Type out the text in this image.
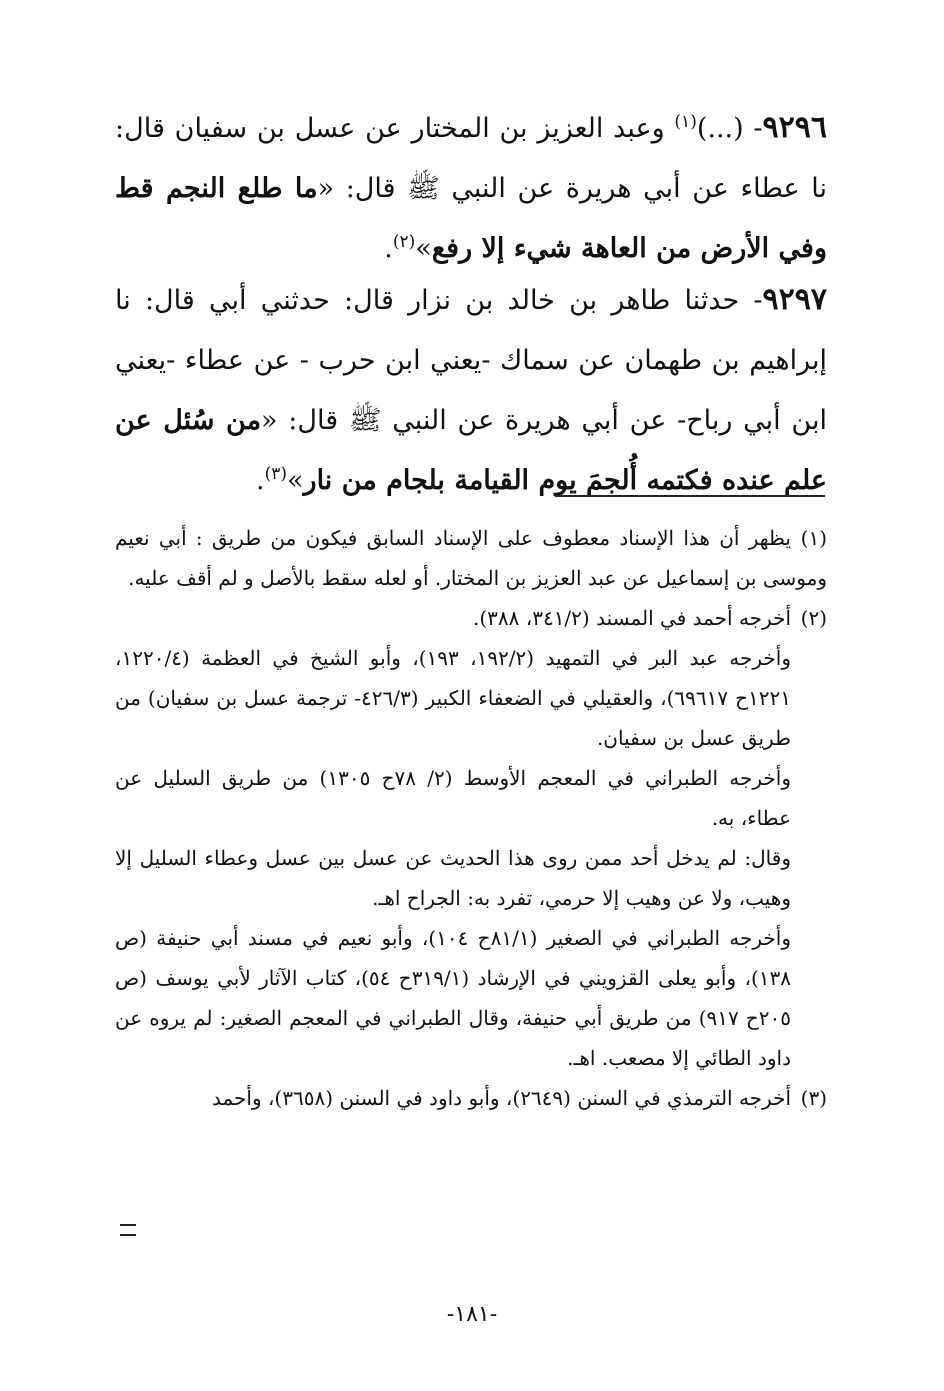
٩٢٩٦- (...)$^{(١)}$ وعبد العزيز بن المختار عن عسل بن سفيان قال: نا عطاء عن أبي هريرة عن النبي ﷺ قال: «ما طلع النجم قط وفي الأرض من العاهة شيء إلا رفع»$^{(٢)}$.
٩٢٩٧- حدثنا طاهر بن خالد بن نزار قال: حدثني أبي قال: نا إبراهيم بن طهمان عن سماك -يعني ابن حرب - عن عطاء -يعني ابن أبي رباح- عن أبي هريرة عن النبي ﷺ قال: «من سُئل عن علم عنده فكتمه أُلجمَ يوم القيامة بلجام من نار»$^{(٣)}$.
(١)يظهر أن هذا الإسناد معطوف على الإسناد السابق فيكون من طريق : أبي نعيم وموسى بن إسماعيل عن عبد العزيز بن المختار. أو لعله سقط بالأصل و لم أقف عليه.
(٢)أخرجه أحمد في المسند (٣٤١/٢، ٣٨٨).
وأخرجه عبد البر في التمهيد (١٩٢/٢، ١٩٣)، وأبو الشيخ في العظمة (١٢٢٠/٤، ١٢٢١ح ٦٩٦١٧)، والعقيلي في الضعفاء الكبير (٤٢٦/٣- ترجمة عسل بن سفيان) من طريق عسل بن سفيان.
وأخرجه الطبراني في المعجم الأوسط (٢/ ٧٨ح ١٣٠٥) من طريق السليل عن عطاء، به.
وقال: لم يدخل أحد ممن روى هذا الحديث عن عسل بين عسل وعطاء السليل إلا وهيب، ولا عن وهيب إلا حرمي، تفرد به: الجراح اهـ.
وأخرجه الطبراني في الصغير (٨١/١ح ١٠٤)، وأبو نعيم في مسند أبي حنيفة (ص ١٣٨)، وأبو يعلى القزويني في الإرشاد (٣١٩/١ح ٥٤)، كتاب الآثار لأبي يوسف (ص ٢٠٥ح ٩١٧) من طريق أبي حنيفة، وقال الطبراني في المعجم الصغير: لم يروه عن داود الطائي إلا مصعب. اهـ.
(٣)أخرجه الترمذي في السنن (٢٦٤٩)، وأبو داود في السنن (٣٦٥٨)، وأحمد
-١٨١-
